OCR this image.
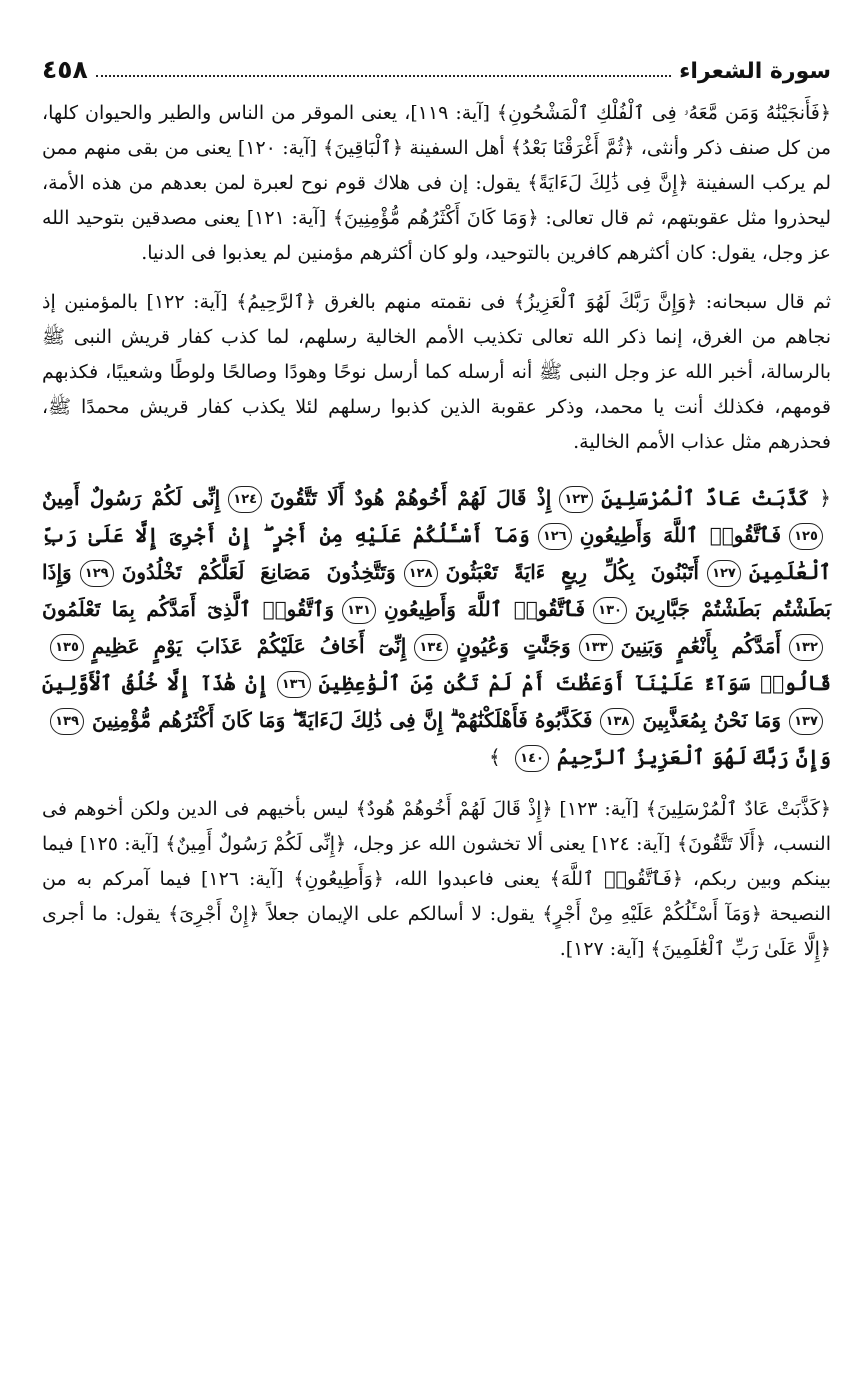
سورة الشعراء
٤٥٨

﴿فَأَنجَيْنَٰهُ وَمَن مَّعَهُۥ فِى ٱلْفُلْكِ ٱلْمَشْحُونِ﴾ [آية: ١١٩]، يعنى الموقر من الناس والطير والحيوان كلها، من كل صنف ذكر وأنثى، ﴿ثُمَّ أَغْرَقْنَا بَعْدُ﴾ أهل السفينة ﴿ٱلْبَاقِينَ﴾ [آية: ١٢٠] يعنى من بقى منهم ممن لم يركب السفينة ﴿إِنَّ فِى ذَٰلِكَ لَءَايَةً﴾ يقول: إن فى هلاك قوم نوح لعبرة لمن بعدهم من هذه الأمة، ليحذروا مثل عقوبتهم، ثم قال تعالى: ﴿وَمَا كَانَ أَكْثَرُهُم مُّؤْمِنِينَ﴾ [آية: ١٢١] يعنى مصدقين بتوحيد الله عز وجل، يقول: كان أكثرهم كافرين بالتوحيد، ولو كان أكثرهم مؤمنين لم يعذبوا فى الدنيا.

ثم قال سبحانه: ﴿وَإِنَّ رَبَّكَ لَهُوَ ٱلْعَزِيزُ﴾ فى نقمته منهم بالغرق ﴿ٱلرَّحِيمُ﴾ [آية: ١٢٢] بالمؤمنين إذ نجاهم من الغرق، إنما ذكر الله تعالى تكذيب الأمم الخالية رسلهم، لما كذب كفار قريش النبى ﷺ بالرسالة، أخبر الله عز وجل النبى ﷺ أنه أرسله كما أرسل نوحًا وهودًا وصالحًا ولوطًا وشعيبًا، فكذبهم قومهم، فكذلك أنت يا محمد، وذكر عقوبة الذين كذبوا رسلهم لئلا يكذب كفار قريش محمدًا ﷺ، فحذرهم مثل عذاب الأمم الخالية.

﴿ كَذَّبَتْ عَادٌ ٱلْمُرْسَلِينَ١٢٣إِذْ قَالَ لَهُمْ أَخُوهُمْ هُودٌ أَلَا تَتَّقُونَ١٢٤إِنِّى لَكُمْ رَسُولٌ أَمِينٌ١٢٥فَٱتَّقُوا۟ ٱللَّهَ وَأَطِيعُونِ١٢٦وَمَآ أَسْـَٔلُكُمْ عَلَيْهِ مِنْ أَجْرٍ ۖ إِنْ أَجْرِىَ إِلَّا عَلَىٰ رَبِّ ٱلْعَٰلَمِينَ١٢٧أَتَبْنُونَ بِكُلِّ رِيعٍ ءَايَةً تَعْبَثُونَ١٢٨وَتَتَّخِذُونَ مَصَانِعَ لَعَلَّكُمْ تَخْلُدُونَ١٢٩وَإِذَا بَطَشْتُم بَطَشْتُمْ جَبَّارِينَ١٣٠فَٱتَّقُوا۟ ٱللَّهَ وَأَطِيعُونِ١٣١وَٱتَّقُوا۟ ٱلَّذِىٓ أَمَدَّكُم بِمَا تَعْلَمُونَ١٣٢أَمَدَّكُم بِأَنْعَٰمٍ وَبَنِينَ١٣٣وَجَنَّٰتٍ وَعُيُونٍ١٣٤إِنِّىٓ أَخَافُ عَلَيْكُمْ عَذَابَ يَوْمٍ عَظِيمٍ١٣٥قَالُوا۟ سَوَآءٌ عَلَيْنَآ أَوَعَظْتَ أَمْ لَمْ تَكُن مِّنَ ٱلْوَٰعِظِينَ١٣٦إِنْ هَٰذَآ إِلَّا خُلُقُ ٱلْأَوَّلِينَ١٣٧وَمَا نَحْنُ بِمُعَذَّبِينَ١٣٨فَكَذَّبُوهُ فَأَهْلَكْنَٰهُمْ ۗ إِنَّ فِى ذَٰلِكَ لَءَايَةً ۖ وَمَا كَانَ أَكْثَرُهُم مُّؤْمِنِينَ١٣٩وَإِنَّ رَبَّكَ لَهُوَ ٱلْعَزِيزُ ٱلرَّحِيمُ١٤٠ ﴾

﴿كَذَّبَتْ عَادٌ ٱلْمُرْسَلِينَ﴾ [آية: ١٢٣] ﴿إِذْ قَالَ لَهُمْ أَخُوهُمْ هُودٌ﴾ ليس بأخيهم فى الدين ولكن أخوهم فى النسب، ﴿أَلَا تَتَّقُونَ﴾ [آية: ١٢٤] يعنى ألا تخشون الله عز وجل، ﴿إِنِّى لَكُمْ رَسُولٌ أَمِينٌ﴾ [آية: ١٢٥] فيما بينكم وبين ربكم، ﴿فَٱتَّقُوا۟ ٱللَّهَ﴾ يعنى فاعبدوا الله، ﴿وَأَطِيعُونِ﴾ [آية: ١٢٦] فيما آمركم به من النصيحة ﴿وَمَآ أَسْـَٔلُكُمْ عَلَيْهِ مِنْ أَجْرٍ﴾ يقول: لا أسالكم على الإيمان جعلاً ﴿إِنْ أَجْرِىَ﴾ يقول: ما أجرى ﴿إِلَّا عَلَىٰ رَبِّ ٱلْعَٰلَمِينَ﴾ [آية: ١٢٧].
